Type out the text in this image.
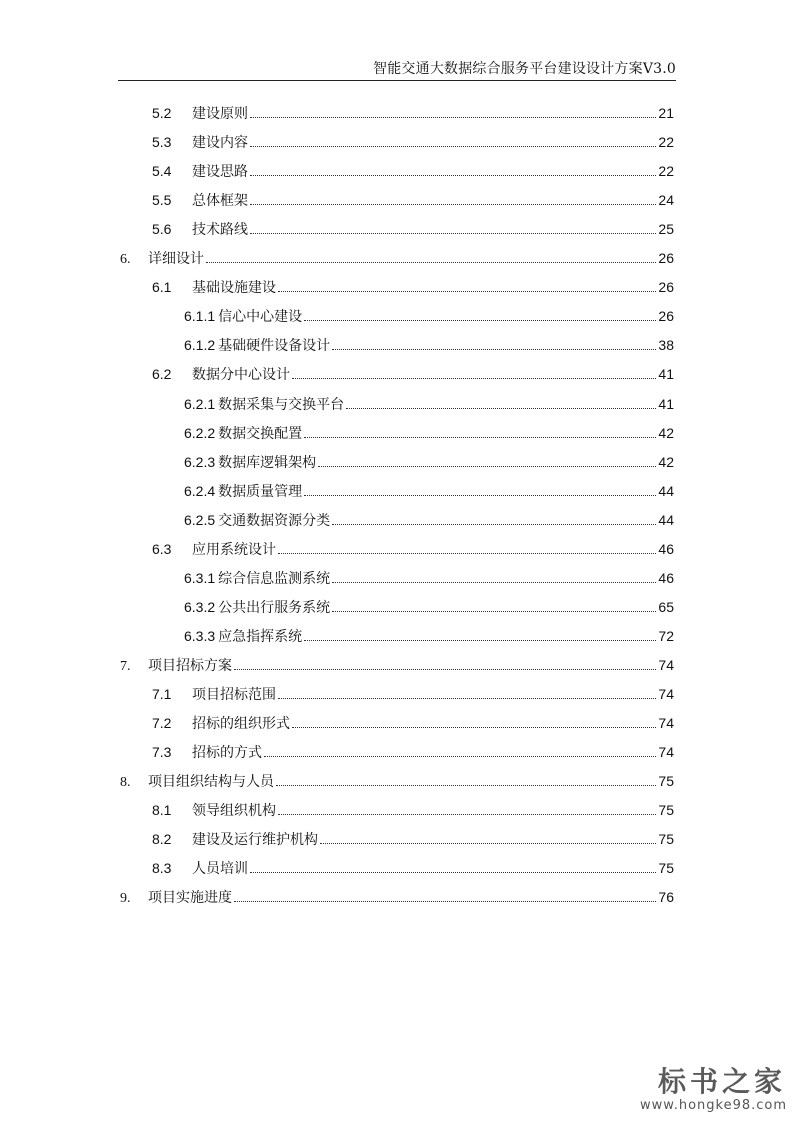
智能交通大数据综合服务平台建设设计方案V3.0
5.2	建设原则	21
5.3	建设内容	22
5.4	建设思路	22
5.5	总体框架	24
5.6	技术路线	25
6.	详细设计	26
6.1	基础设施建设	26
6.1.1 信心中心建设	26
6.1.2 基础硬件设备设计	38
6.2	数据分中心设计	41
6.2.1 数据采集与交换平台	41
6.2.2 数据交换配置	42
6.2.3 数据库逻辑架构	42
6.2.4 数据质量管理	44
6.2.5 交通数据资源分类	44
6.3	应用系统设计	46
6.3.1 综合信息监测系统	46
6.3.2 公共出行服务系统	65
6.3.3 应急指挥系统	72
7.	项目招标方案	74
7.1	项目招标范围	74
7.2	招标的组织形式	74
7.3	招标的方式	74
8.	项目组织结构与人员	75
8.1	领导组织机构	75
8.2	建设及运行维护机构	75
8.3	人员培训	75
9.	项目实施进度	76
标书之家
www.hongke98.com
